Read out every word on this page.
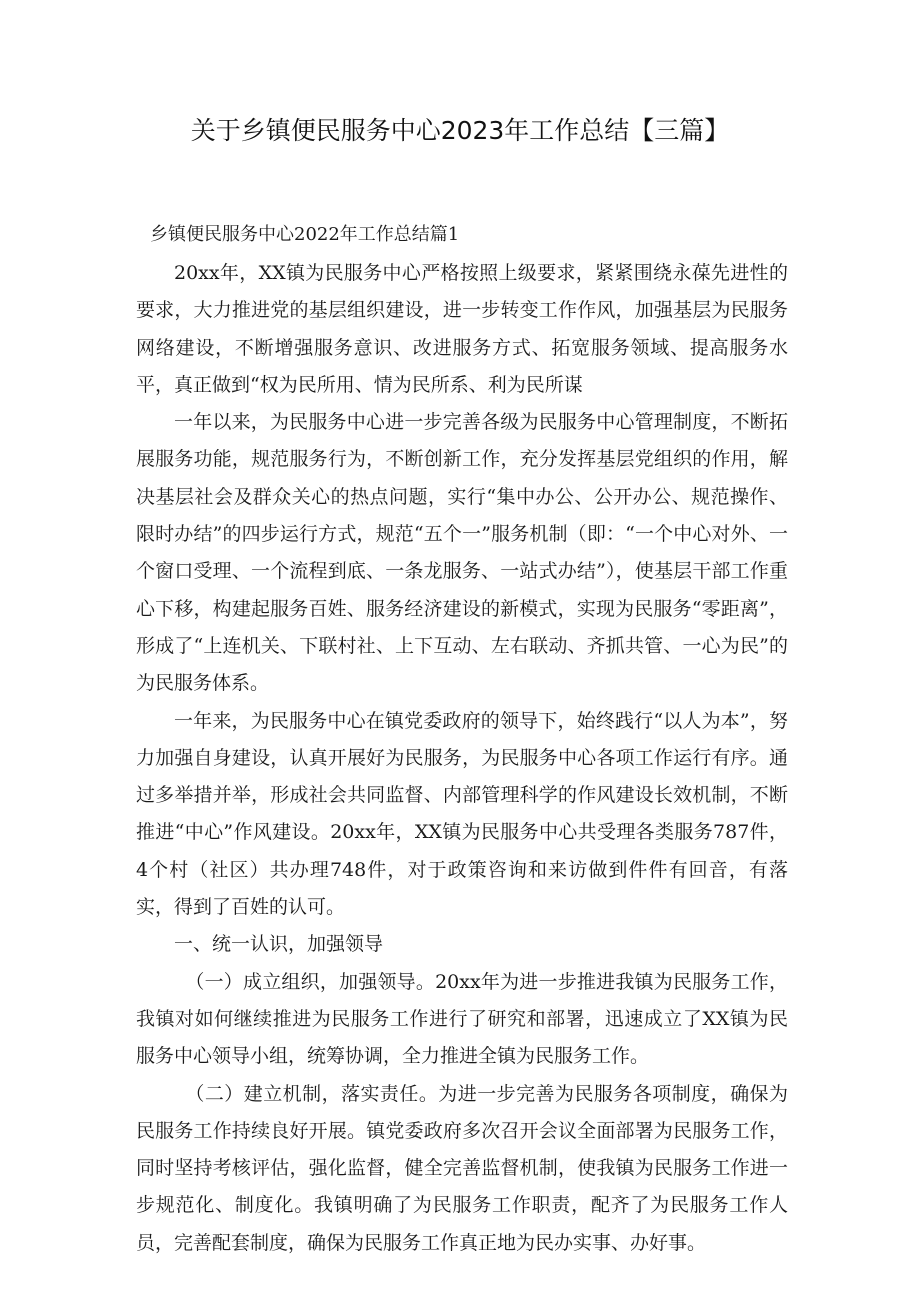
关于乡镇便民服务中心2023年工作总结【三篇】
乡镇便民服务中心2022年工作总结篇1

20xx年，XX镇为民服务中心严格按照上级要求，紧紧围绕永葆先进性的要求，大力推进党的基层组织建设，进一步转变工作作风，加强基层为民服务网络建设，不断增强服务意识、改进服务方式、拓宽服务领域、提高服务水平，真正做到“权为民所用、情为民所系、利为民所谋

一年以来，为民服务中心进一步完善各级为民服务中心管理制度，不断拓展服务功能，规范服务行为，不断创新工作，充分发挥基层党组织的作用，解决基层社会及群众关心的热点问题，实行“集中办公、公开办公、规范操作、限时办结”的四步运行方式，规范“五个一”服务机制（即：“一个中心对外、一个窗口受理、一个流程到底、一条龙服务、一站式办结”），使基层干部工作重心下移，构建起服务百姓、服务经济建设的新模式，实现为民服务“零距离”，形成了“上连机关、下联村社、上下互动、左右联动、齐抓共管、一心为民”的为民服务体系。

一年来，为民服务中心在镇党委政府的领导下，始终践行“以人为本”，努力加强自身建设，认真开展好为民服务，为民服务中心各项工作运行有序。通过多举措并举，形成社会共同监督、内部管理科学的作风建设长效机制，不断推进“中心”作风建设。20xx年，XX镇为民服务中心共受理各类服务787件，4个村（社区）共办理748件，对于政策咨询和来访做到件件有回音，有落实，得到了百姓的认可。

一、统一认识，加强领导

（一）成立组织，加强领导。20xx年为进一步推进我镇为民服务工作，我镇对如何继续推进为民服务工作进行了研究和部署，迅速成立了XX镇为民服务中心领导小组，统筹协调，全力推进全镇为民服务工作。

（二）建立机制，落实责任。为进一步完善为民服务各项制度，确保为民服务工作持续良好开展。镇党委政府多次召开会议全面部署为民服务工作，同时坚持考核评估，强化监督，健全完善监督机制，使我镇为民服务工作进一步规范化、制度化。我镇明确了为民服务工作职责，配齐了为民服务工作人员，完善配套制度，确保为民服务工作真正地为民办实事、办好事。
